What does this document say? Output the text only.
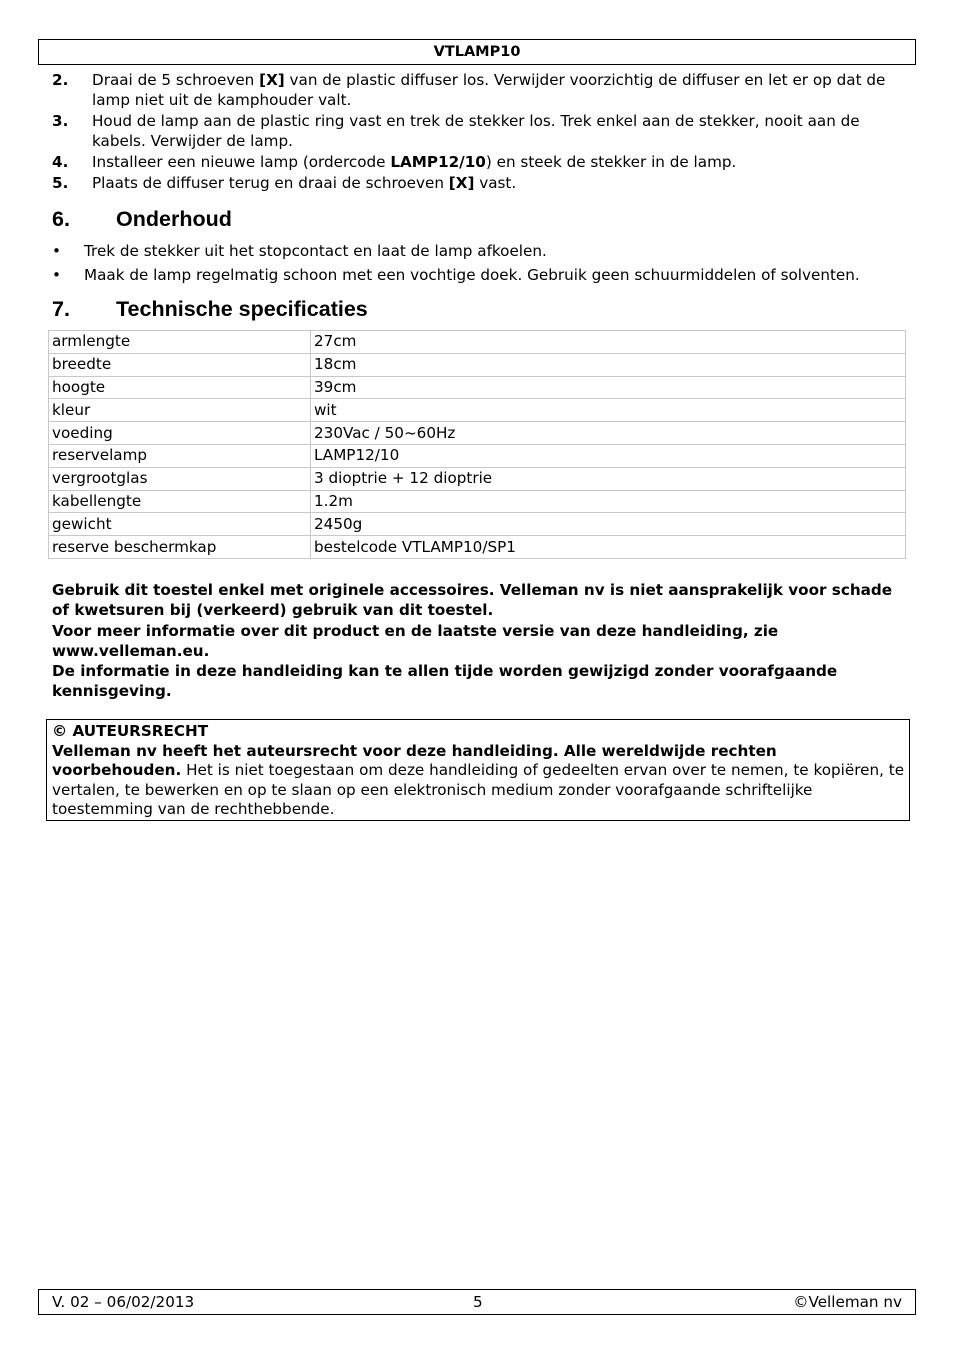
VTLAMP10
2.	Draai de 5 schroeven [X] van de plastic diffuser los. Verwijder voorzichtig de diffuser en let er op dat de lamp niet uit de kamphouder valt.
3.	Houd de lamp aan de plastic ring vast en trek de stekker los. Trek enkel aan de stekker, nooit aan de kabels. Verwijder de lamp.
4.	Installeer een nieuwe lamp (ordercode LAMP12/10) en steek de stekker in de lamp.
5.	Plaats de diffuser terug en draai de schroeven [X] vast.
6.	Onderhoud
•	Trek de stekker uit het stopcontact en laat de lamp afkoelen.
•	Maak de lamp regelmatig schoon met een vochtige doek. Gebruik geen schuurmiddelen of solventen.
7.	Technische specificaties
armlengte	27cm
breedte	18cm
hoogte	39cm
kleur	wit
voeding	230Vac / 50~60Hz
reservelamp	LAMP12/10
vergrootglas	3 dioptrie + 12 dioptrie
kabellengte	1.2m
gewicht	2450g
reserve beschermkap	bestelcode VTLAMP10/SP1
Gebruik dit toestel enkel met originele accessoires. Velleman nv is niet aansprakelijk voor schade of kwetsuren bij (verkeerd) gebruik van dit toestel.
Voor meer informatie over dit product en de laatste versie van deze handleiding, zie www.velleman.eu.
De informatie in deze handleiding kan te allen tijde worden gewijzigd zonder voorafgaande kennisgeving.
© AUTEURSRECHT
Velleman nv heeft het auteursrecht voor deze handleiding. Alle wereldwijde rechten voorbehouden. Het is niet toegestaan om deze handleiding of gedeelten ervan over te nemen, te kopiëren, te vertalen, te bewerken en op te slaan op een elektronisch medium zonder voorafgaande schriftelijke toestemming van de rechthebbende.
V. 02 – 06/02/2013	5	©Velleman nv
